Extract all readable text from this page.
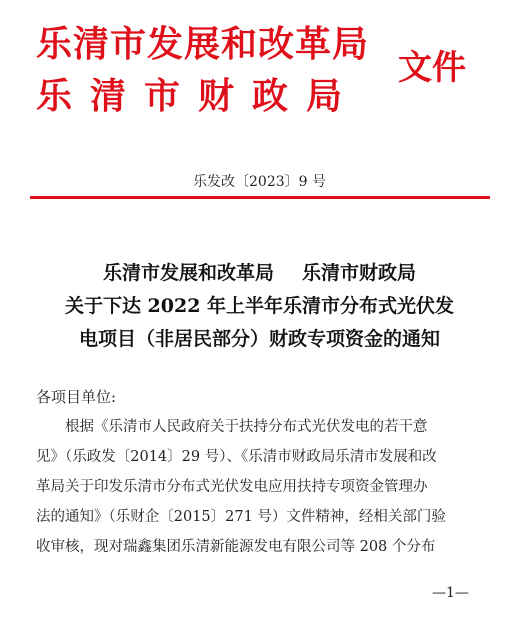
乐清市发展和改革局
乐清市财政局
文件
乐发改〔2023〕9 号
乐清市发展和改革局 乐清市财政局
关于下达 2022 年上半年乐清市分布式光伏发
电项目（非居民部分）财政专项资金的通知
各项目单位:
根据《乐清市人民政府关于扶持分布式光伏发电的若干意
见》（乐政发〔2014〕29 号）、《乐清市财政局乐清市发展和改
革局关于印发乐清市分布式光伏发电应用扶持专项资金管理办
法的通知》（乐财企〔2015〕271 号）文件精神，经相关部门验
收审核，现对瑞鑫集团乐清新能源发电有限公司等 208 个分布
—1—
